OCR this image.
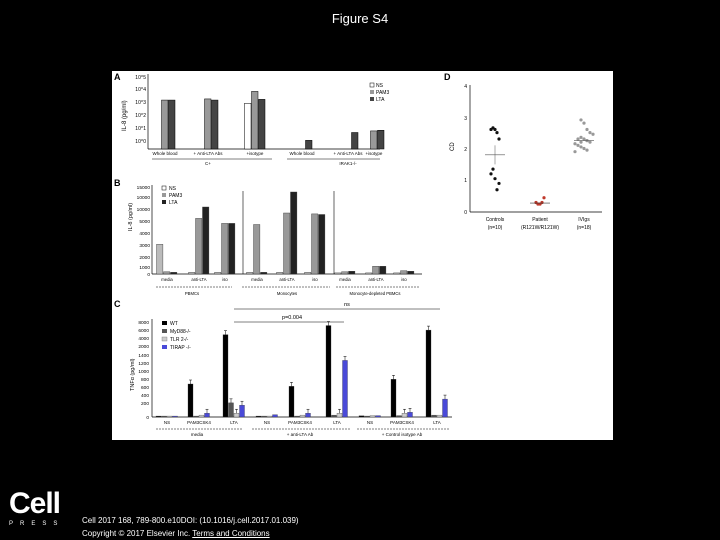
Figure S4
A
IL-8 (pg/ml)
10^5
10^4
10^3
10^2
10^1
10^0
Whole blood	+ Anti-LTA Abs	+isotype	Whole blood	+ Anti-LTA Abs +isotype
C+	IRAK1-/-
NS
PAM3
LTA
B
IL-8 (pg/ml)
15000
10000
10000
5000
4000
3000
2000
1000
0
media	anti-LTA	iso	media	anti-LTA	iso	media	anti-LTA	iso
PBMCs	Monocytes	Monocyte-depleted PBMCs
NS
PAM3
LTA
C
TNFα (pg/ml)
8000
6000
4000
2000
1400
1200
1000
800
600
400
200
0
NS	PAM3CSK4	LTA	NS	PAM3CSK4	LTA	NS	PAM3CSK4	LTA
media	+ anti-LTA Ab	+ Control isotype Ab
ns
p=0.004
WT
MyD88-/-
TLR 2-/-
TIRAP -/-
D
CD
4
3
2
1
0
Controls
(n=10)
Patient
(R121W/R121W)
IVIgs
(n=18)
Cell
PRESS Cell 2017 168, 789-800.e10DOI: (10.1016/j.cell.2017.01.039)
Copyright © 2017 Elsevier Inc. Terms and Conditions
